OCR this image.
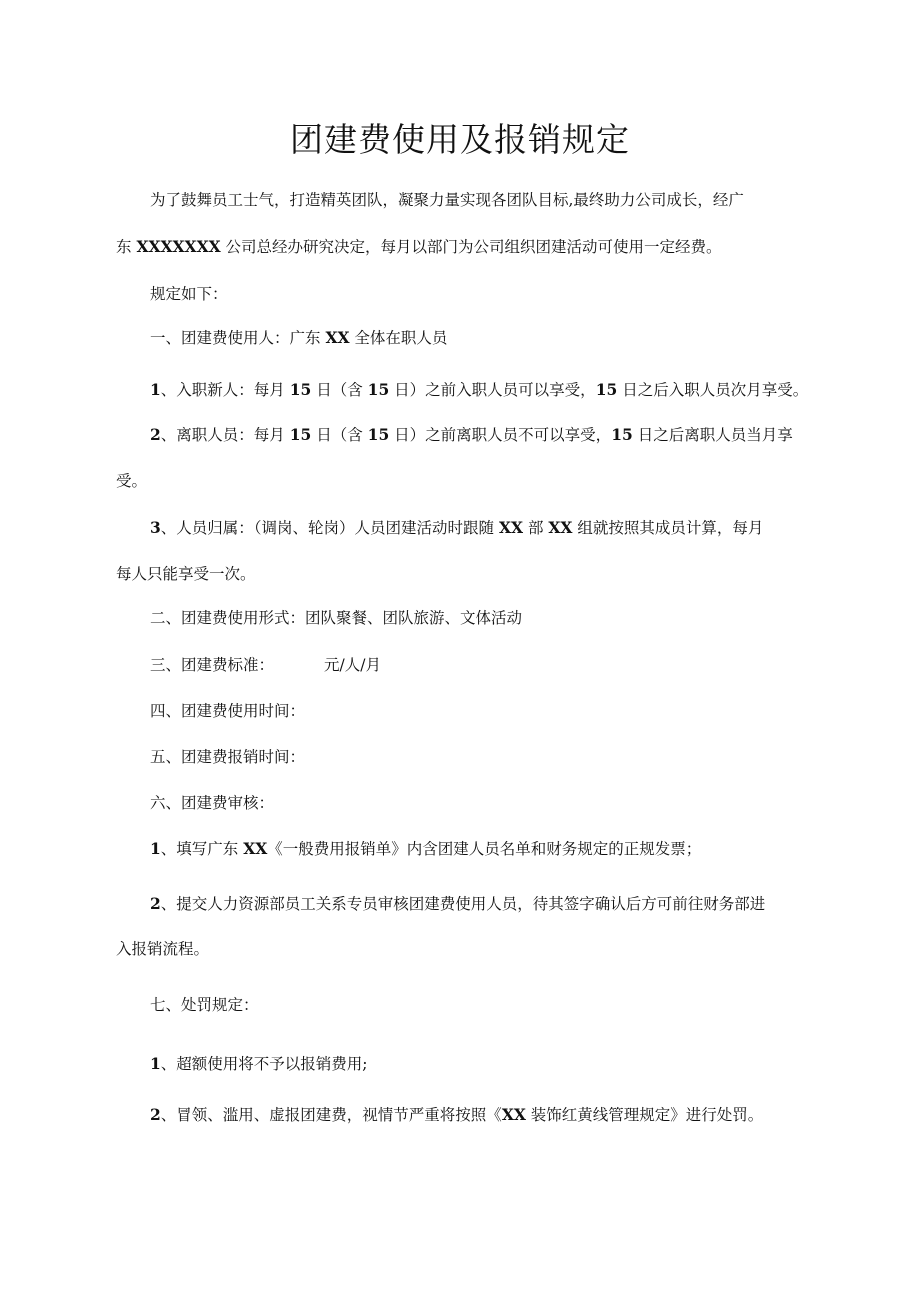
团建费使用及报销规定

为了鼓舞员工士气，打造精英团队，凝聚力量实现各团队目标,最终助力公司成长，经广

东 XXXXXXX 公司总经办研究决定，每月以部门为公司组织团建活动可使用一定经费。

规定如下：

一、团建费使用人：广东 XX 全体在职人员

1、入职新人：每月 15 日（含 15 日）之前入职人员可以享受，15 日之后入职人员次月享受。

2、离职人员：每月 15 日（含 15 日）之前离职人员不可以享受，15 日之后离职人员当月享

受。

3、人员归属：（调岗、轮岗）人员团建活动时跟随 XX 部 XX 组就按照其成员计算，每月

每人只能享受一次。

二、团建费使用形式：团队聚餐、团队旅游、文体活动

三、团建费标准：	元/人/月

四、团建费使用时间：

五、团建费报销时间：

六、团建费审核：

1、填写广东 XX《一般费用报销单》内含团建人员名单和财务规定的正规发票；

2、提交人力资源部员工关系专员审核团建费使用人员，待其签字确认后方可前往财务部进

入报销流程。

七、处罚规定：

1、超额使用将不予以报销费用;

2、冒领、滥用、虚报团建费，视情节严重将按照《XX 装饰红黄线管理规定》进行处罚。
